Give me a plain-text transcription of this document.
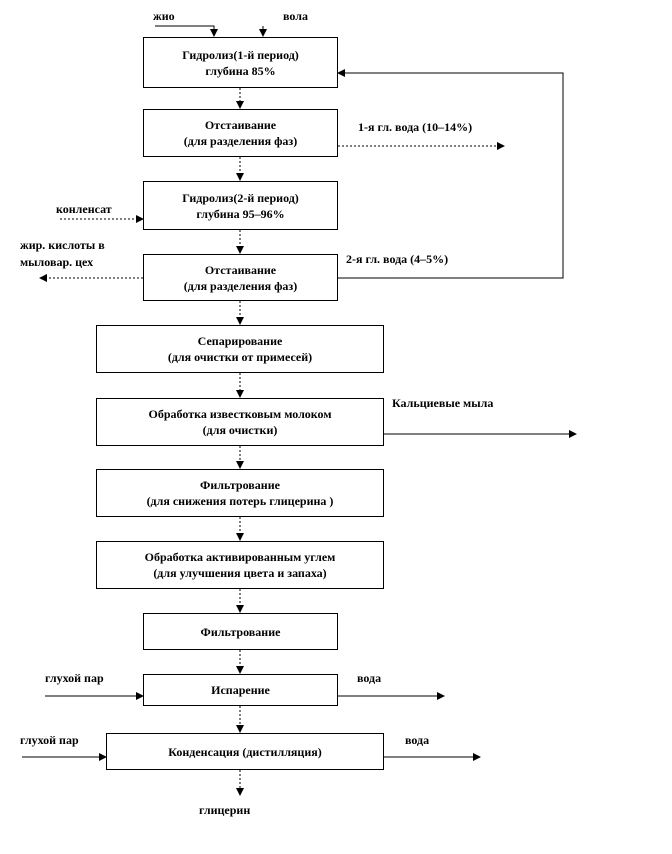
Гидролиз(1-й период)
глубина 85%
Отстаивание
(для разделения фаз)
Гидролиз(2-й период)
глубина 95–96%
Отстаивание
(для разделения фаз)
Сепарирование
(для очистки от примесей)
Обработка известковым молоком
(для очистки)
Фильтрование
(для снижения потерь глицерина )
Обработка активированным углем
(для улучшения цвета и запаха)
Фильтрование
Испарение
Конденсация (дистилляция)
жио	вола
1-я гл. вода (10–14%)
конленсат
жир. кислоты в
мыловар. цех	2-я гл. вода (4–5%)
Кальциевые мыла
глухой пар	вода
глухой пар	вода
глицерин
